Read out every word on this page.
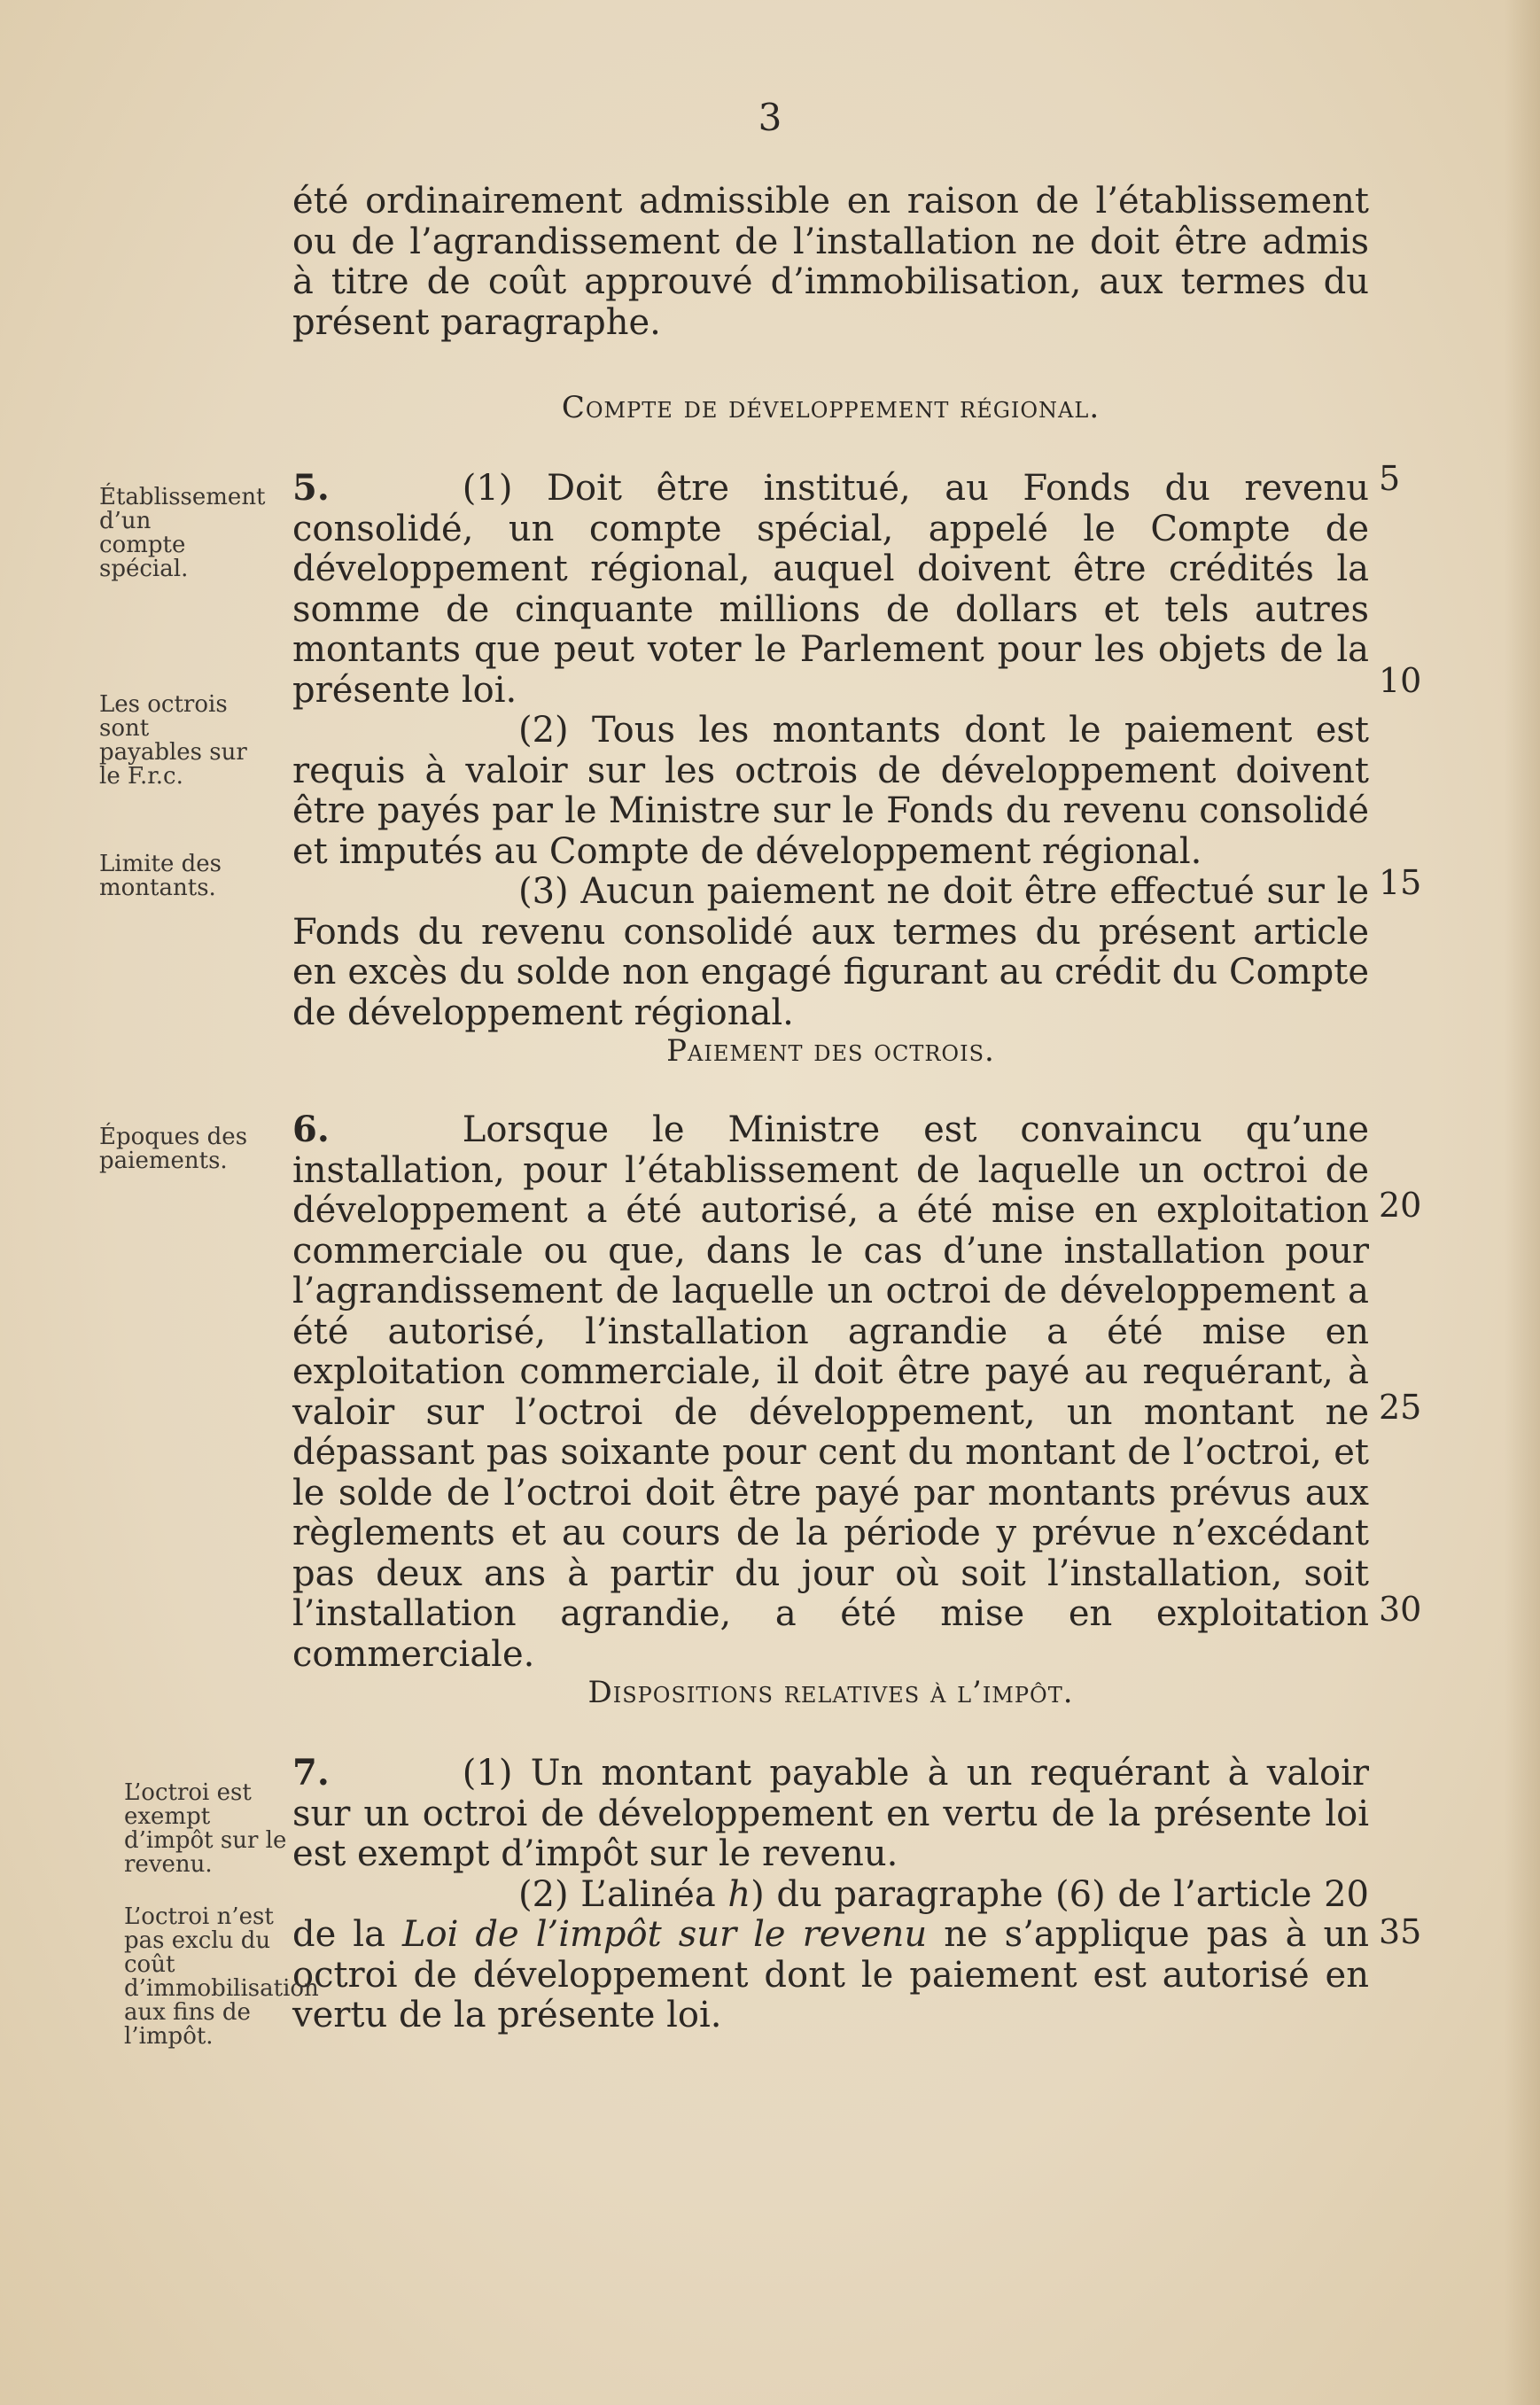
3

été ordinairement admissible en raison de l’établissement ou de l’agrandissement de l’installation ne doit être admis à titre de coût approuvé d’immobilisation, aux termes du présent paragraphe.

Compte de développement régional.

5.	(1) Doit être institué, au Fonds du revenu consolidé, un compte spécial, appelé le Compte de développement régional, auquel doivent être crédités la somme de cinquante millions de dollars et tels autres montants que peut voter le Parlement pour les objets de la présente loi.

(2) Tous les montants dont le paiement est requis à valoir sur les octrois de développement doivent être payés par le Ministre sur le Fonds du revenu consolidé et imputés au Compte de développement régional.

(3) Aucun paiement ne doit être effectué sur le Fonds du revenu consolidé aux termes du présent article en excès du solde non engagé figurant au crédit du Compte de développement régional.

Paiement des octrois.

6.	Lorsque le Ministre est convaincu qu’une installation, pour l’établissement de laquelle un octroi de développement a été autorisé, a été mise en exploitation commerciale ou que, dans le cas d’une installation pour l’agrandissement de laquelle un octroi de développement a été autorisé, l’installation agrandie a été mise en exploitation commerciale, il doit être payé au requérant, à valoir sur l’octroi de développement, un montant ne dépassant pas soixante pour cent du montant de l’octroi, et le solde de l’octroi doit être payé par montants prévus aux règlements et au cours de la période y prévue n’excédant pas deux ans à partir du jour où soit l’installation, soit l’installation agrandie, a été mise en exploitation commerciale.

Dispositions relatives à l’impôt.

7.	(1) Un montant payable à un requérant à valoir sur un octroi de développement en vertu de la présente loi est exempt d’impôt sur le revenu.

(2) L’alinéa h) du paragraphe (6) de l’article 20 de la Loi de l’impôt sur le revenu ne s’applique pas à un octroi de développement dont le paiement est autorisé en vertu de la présente loi.

Établissement d’un compte spécial.
Les octrois sont payables sur le F.r.c.
Limite des montants.
Époques des paiements.
L’octroi est exempt d’impôt sur le revenu.
L’octroi n’est pas exclu du coût d’immobilisation aux fins de l’impôt.
5
10
15
20
25
30
35
